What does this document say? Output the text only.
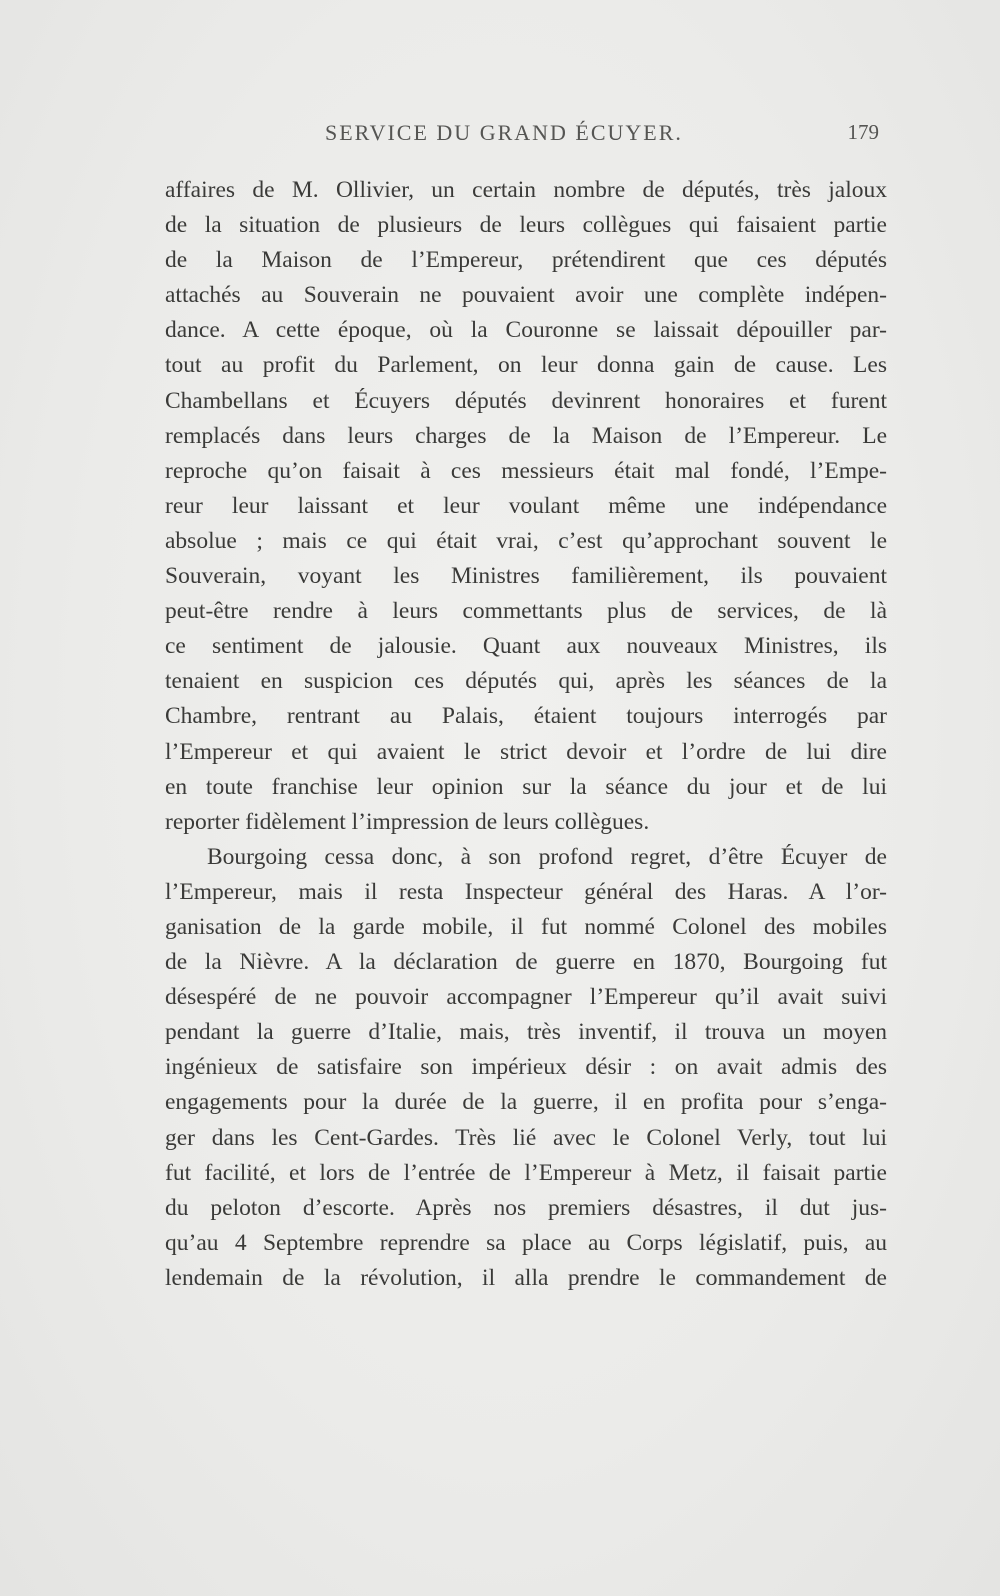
SERVICE DU GRAND ÉCUYER.	179
affaires de M. Ollivier, un certain nombre de députés, très jaloux
de la situation de plusieurs de leurs collègues qui faisaient partie
de la Maison de l’Empereur, prétendirent que ces députés
attachés au Souverain ne pouvaient avoir une complète indépen-
dance. A cette époque, où la Couronne se laissait dépouiller par-
tout au profit du Parlement, on leur donna gain de cause. Les
Chambellans et Écuyers députés devinrent honoraires et furent
remplacés dans leurs charges de la Maison de l’Empereur. Le
reproche qu’on faisait à ces messieurs était mal fondé, l’Empe-
reur leur laissant et leur voulant même une indépendance
absolue ; mais ce qui était vrai, c’est qu’approchant souvent le
Souverain, voyant les Ministres familièrement, ils pouvaient
peut-être rendre à leurs commettants plus de services, de là
ce sentiment de jalousie. Quant aux nouveaux Ministres, ils
tenaient en suspicion ces députés qui, après les séances de la
Chambre, rentrant au Palais, étaient toujours interrogés par
l’Empereur et qui avaient le strict devoir et l’ordre de lui dire
en toute franchise leur opinion sur la séance du jour et de lui
reporter fidèlement l’impression de leurs collègues.
Bourgoing cessa donc, à son profond regret, d’être Écuyer de
l’Empereur, mais il resta Inspecteur général des Haras. A l’or-
ganisation de la garde mobile, il fut nommé Colonel des mobiles
de la Nièvre. A la déclaration de guerre en 1870, Bourgoing fut
désespéré de ne pouvoir accompagner l’Empereur qu’il avait suivi
pendant la guerre d’Italie, mais, très inventif, il trouva un moyen
ingénieux de satisfaire son impérieux désir : on avait admis des
engagements pour la durée de la guerre, il en profita pour s’enga-
ger dans les Cent-Gardes. Très lié avec le Colonel Verly, tout lui
fut facilité, et lors de l’entrée de l’Empereur à Metz, il faisait partie
du peloton d’escorte. Après nos premiers désastres, il dut jus-
qu’au 4 Septembre reprendre sa place au Corps législatif, puis, au
lendemain de la révolution, il alla prendre le commandement de
